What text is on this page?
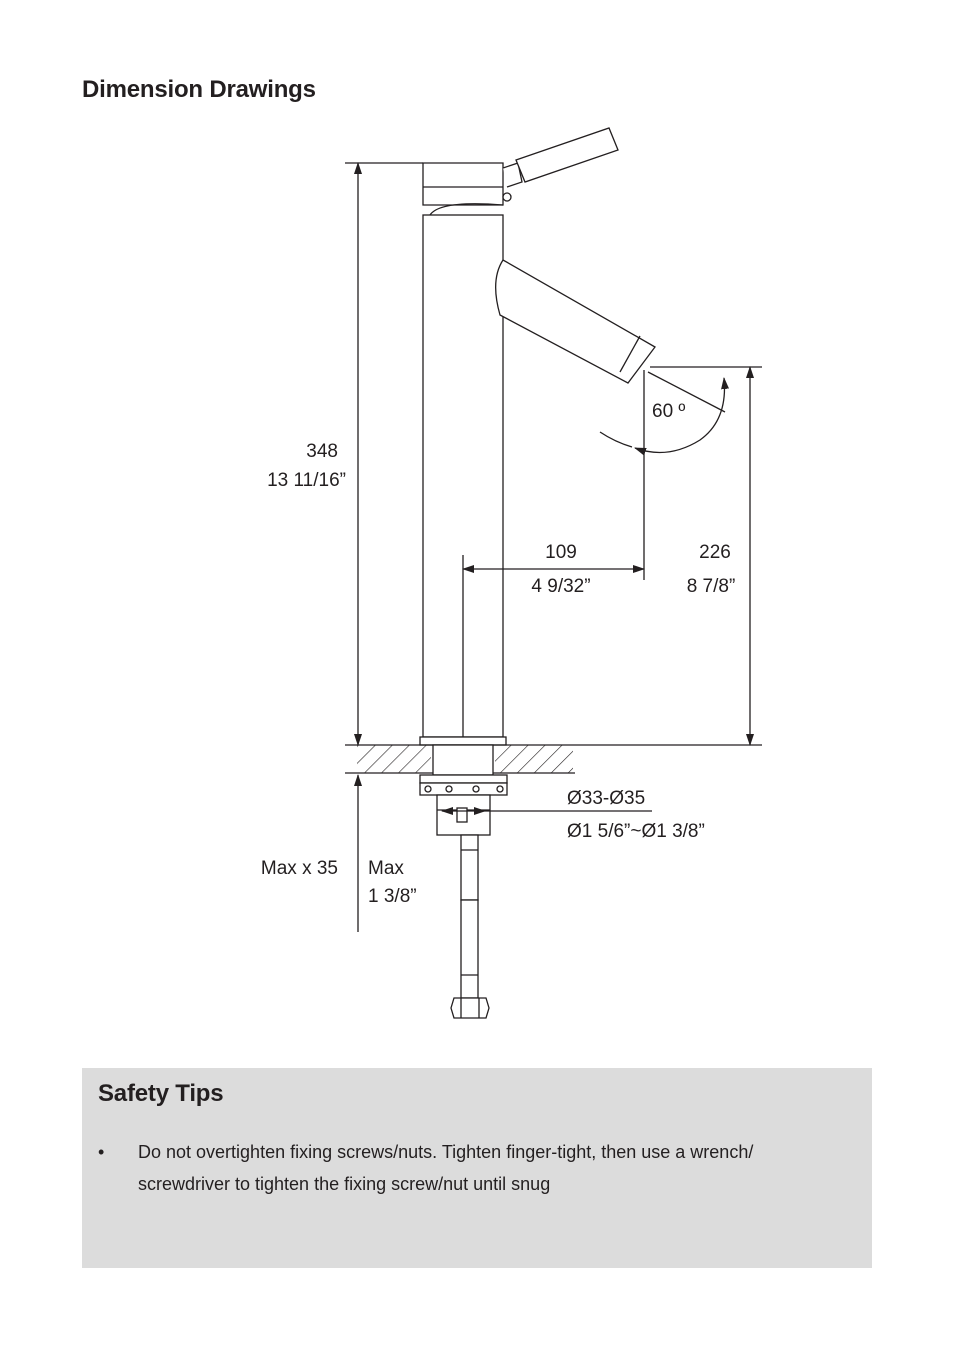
Dimension Drawings
348
13 11/16”
109
4 9/32”
226
8 7/8”
60 º
Ø33-Ø35
Ø1 5/6”~Ø1 3/8”
Max x 35 Max
1 3/8”
Safety Tips
•	Do not overtighten fixing screws/nuts. Tighten finger-tight, then use a wrench/ screwdriver to tighten the fixing screw/nut until snug
